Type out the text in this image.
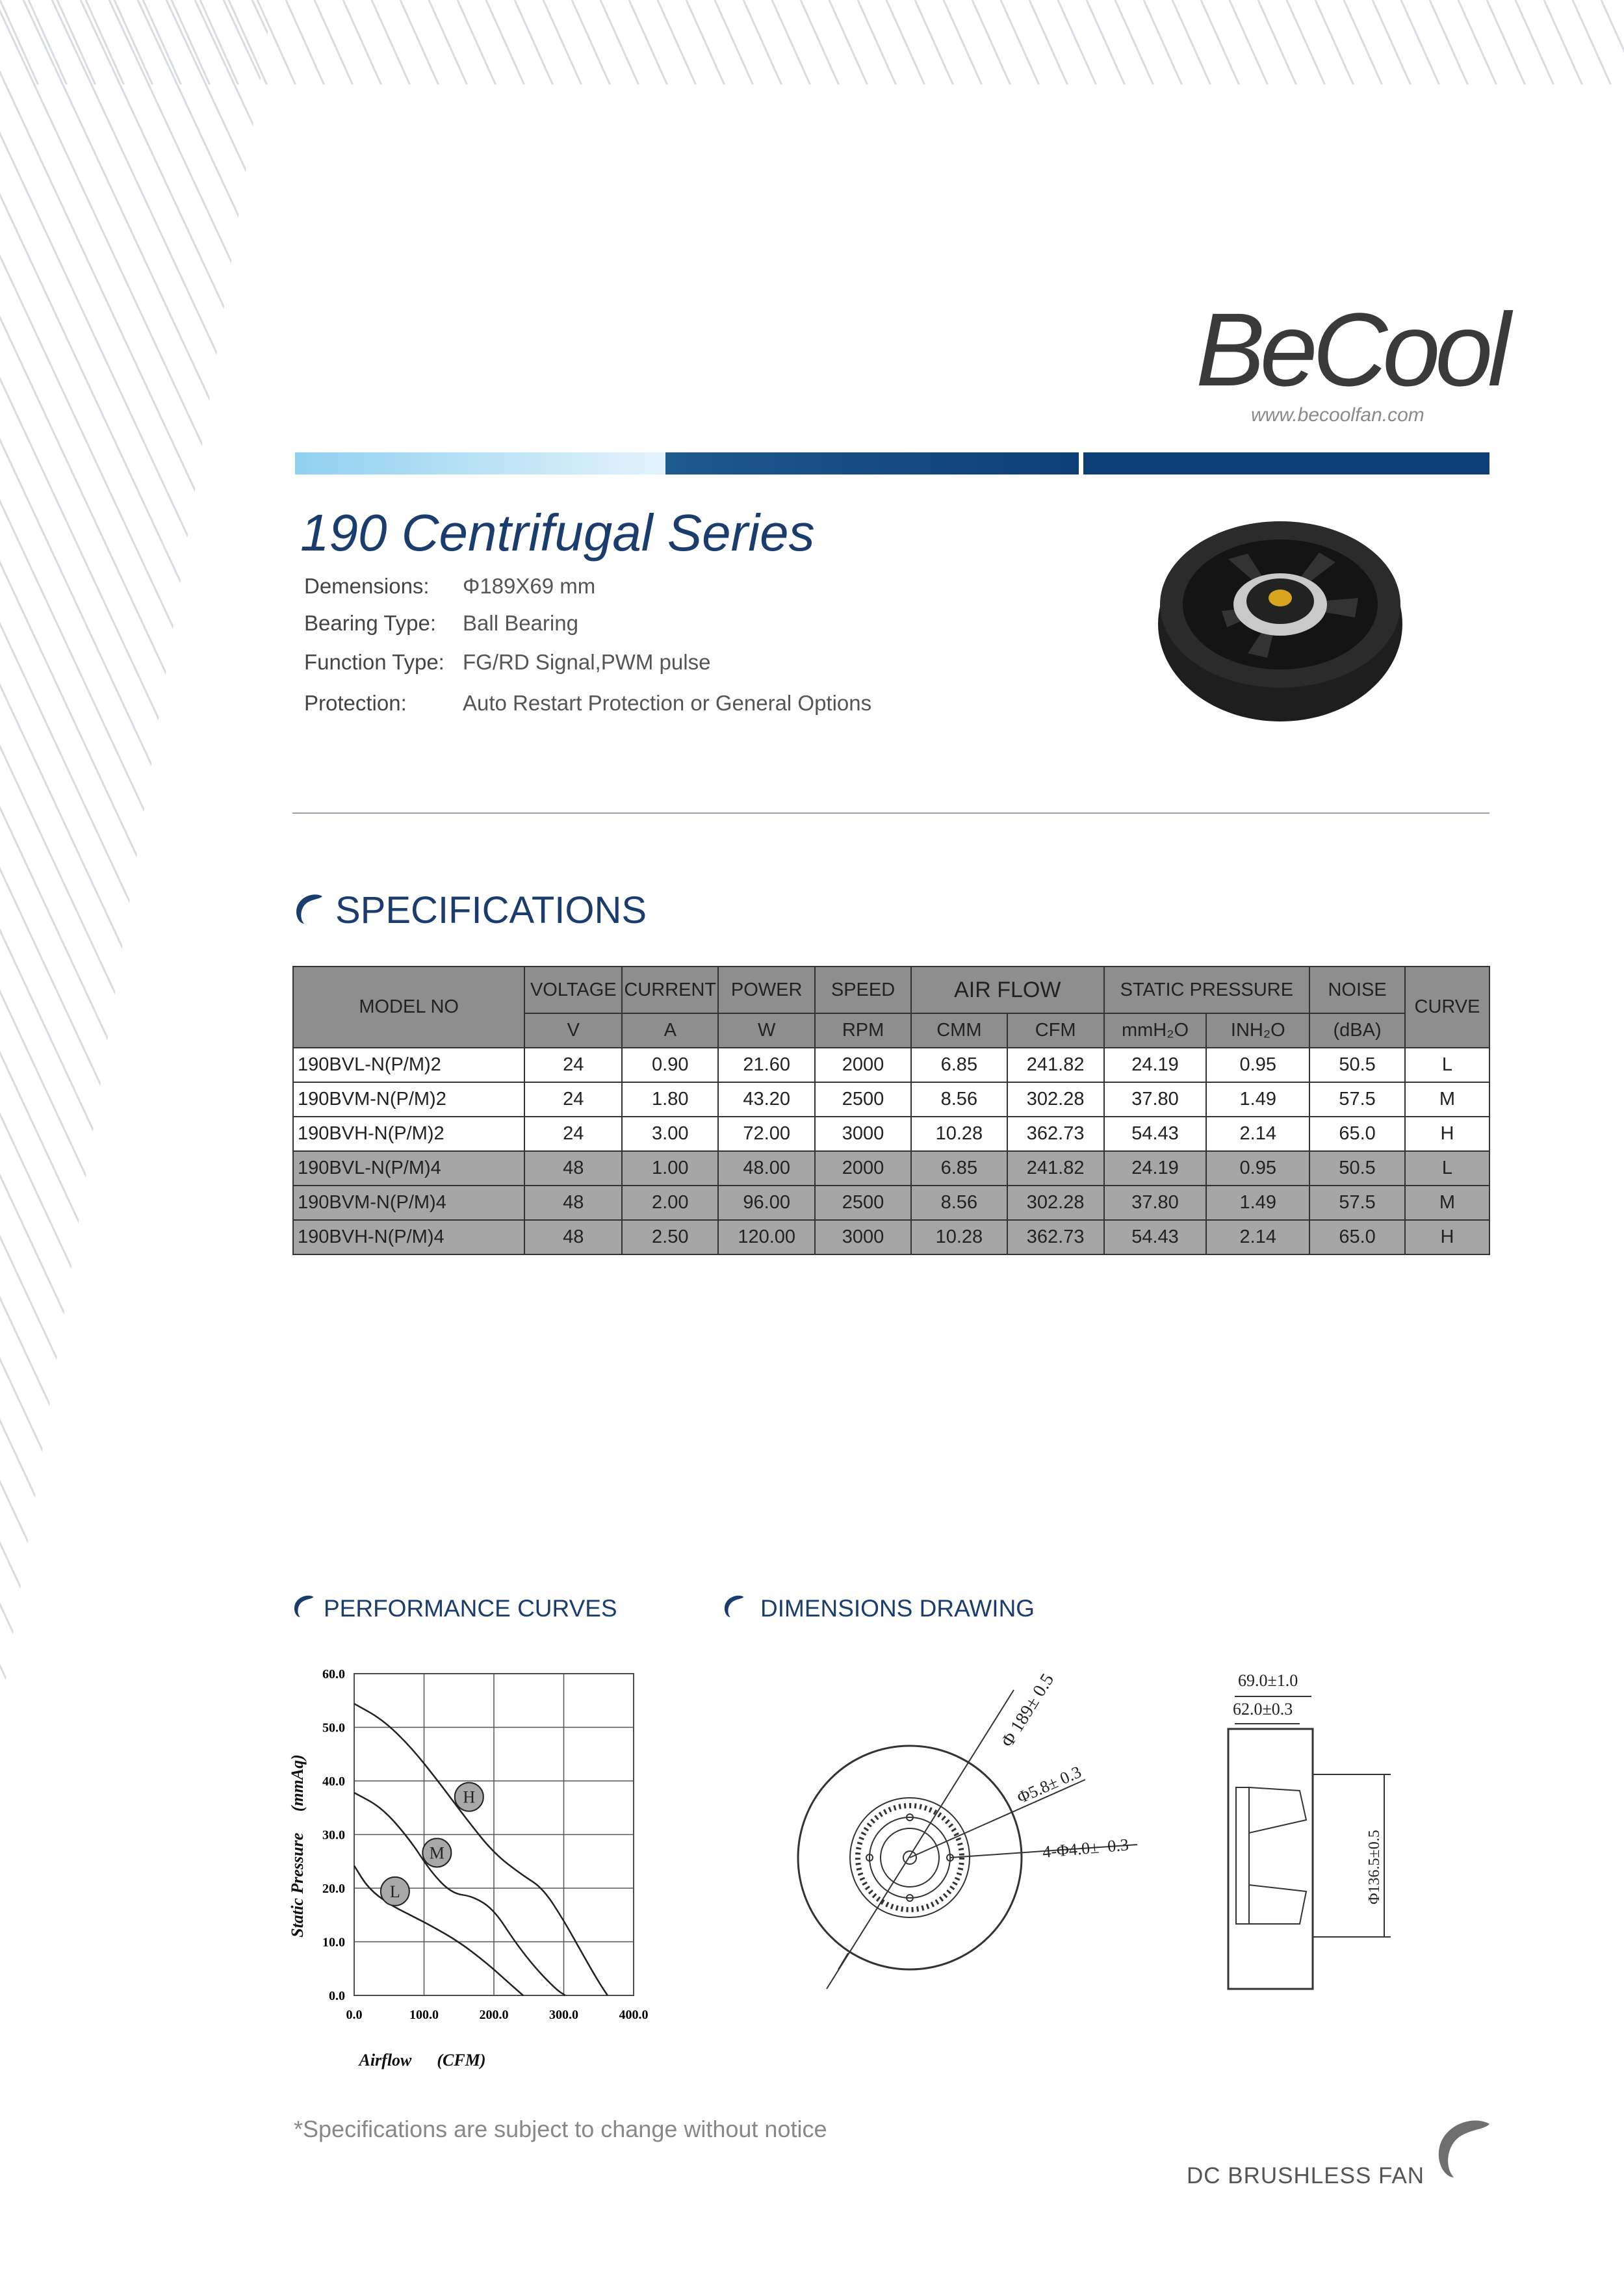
BeCool
www.becoolfan.com
190 Centrifugal Series
Demensions: Φ189X69 mm
Bearing Type: Ball Bearing
Function Type: FG/RD Signal,PWM pulse
Protection:	Auto Restart Protection or General Options
SPECIFICATIONS
MODEL NO	VOLTAGE	CURRENT	POWER	SPEED	AIR FLOW		STATIC PRESSURE		NOISE	CURVE
	V	A	W	RPM	CMM	CFM	mmH₂O	INH₂O	(dBA)	
190BVL-N(P/M)2	24	0.90	21.60	2000	6.85	241.82	24.19	0.95	50.5	L
190BVM-N(P/M)2	24	1.80	43.20	2500	8.56	302.28	37.80	1.49	57.5	M
190BVH-N(P/M)2	24	3.00	72.00	3000	10.28	362.73	54.43	2.14	65.0	H
190BVL-N(P/M)4	48	1.00	48.00	2000	6.85	241.82	24.19	0.95	50.5	L
190BVM-N(P/M)4	48	2.00	96.00	2500	8.56	302.28	37.80	1.49	57.5	M
190BVH-N(P/M)4	48	2.50	120.00	3000	10.28	362.73	54.43	2.14	65.0	H
PERFORMANCE CURVES	DIMENSIONS DRAWING
0.0
10.0
20.0
30.0
40.0
50.0
60.0
0.0	100.0	200.0	300.0	400.0
H
M
L
Static Pressure     (mmAq)
Airflow      (CFM)
Φ 189± 0.5
Φ5.8± 0.3
4-Φ4.0±  0.3
69.0±1.0
62.0±0.3
Φ136.5±0.5
*Specifications are subject to change without notice
DC BRUSHLESS FAN
